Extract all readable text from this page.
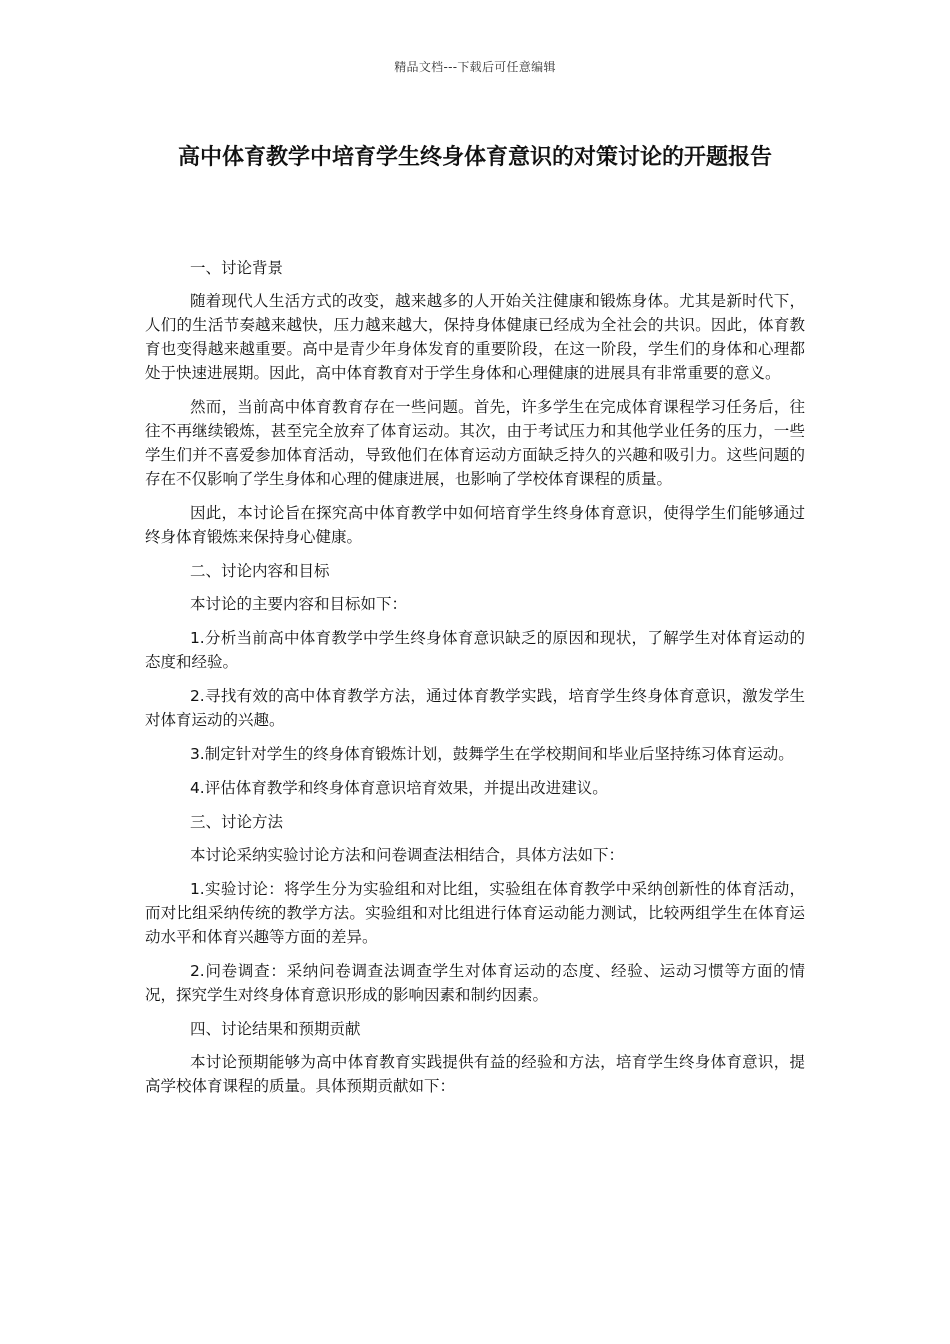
精品文档---下载后可任意编辑
高中体育教学中培育学生终身体育意识的对策讨论的开题报告

一、讨论背景

随着现代人生活方式的改变，越来越多的人开始关注健康和锻炼身体。尤其是新时代下，人们的生活节奏越来越快，压力越来越大，保持身体健康已经成为全社会的共识。因此，体育教育也变得越来越重要。高中是青少年身体发育的重要阶段，在这一阶段，学生们的身体和心理都处于快速进展期。因此，高中体育教育对于学生身体和心理健康的进展具有非常重要的意义。

然而，当前高中体育教育存在一些问题。首先，许多学生在完成体育课程学习任务后，往往不再继续锻炼，甚至完全放弃了体育运动。其次，由于考试压力和其他学业任务的压力，一些学生们并不喜爱参加体育活动，导致他们在体育运动方面缺乏持久的兴趣和吸引力。这些问题的存在不仅影响了学生身体和心理的健康进展，也影响了学校体育课程的质量。

因此，本讨论旨在探究高中体育教学中如何培育学生终身体育意识，使得学生们能够通过终身体育锻炼来保持身心健康。

二、讨论内容和目标

本讨论的主要内容和目标如下：

1.分析当前高中体育教学中学生终身体育意识缺乏的原因和现状，了解学生对体育运动的态度和经验。

2.寻找有效的高中体育教学方法，通过体育教学实践，培育学生终身体育意识，激发学生对体育运动的兴趣。

3.制定针对学生的终身体育锻炼计划，鼓舞学生在学校期间和毕业后坚持练习体育运动。

4.评估体育教学和终身体育意识培育效果，并提出改进建议。

三、讨论方法

本讨论采纳实验讨论方法和问卷调查法相结合，具体方法如下：

1.实验讨论：将学生分为实验组和对比组，实验组在体育教学中采纳创新性的体育活动，而对比组采纳传统的教学方法。实验组和对比组进行体育运动能力测试，比较两组学生在体育运动水平和体育兴趣等方面的差异。

2.问卷调查：采纳问卷调查法调查学生对体育运动的态度、经验、运动习惯等方面的情况，探究学生对终身体育意识形成的影响因素和制约因素。

四、讨论结果和预期贡献

本讨论预期能够为高中体育教育实践提供有益的经验和方法，培育学生终身体育意识，提高学校体育课程的质量。具体预期贡献如下：
